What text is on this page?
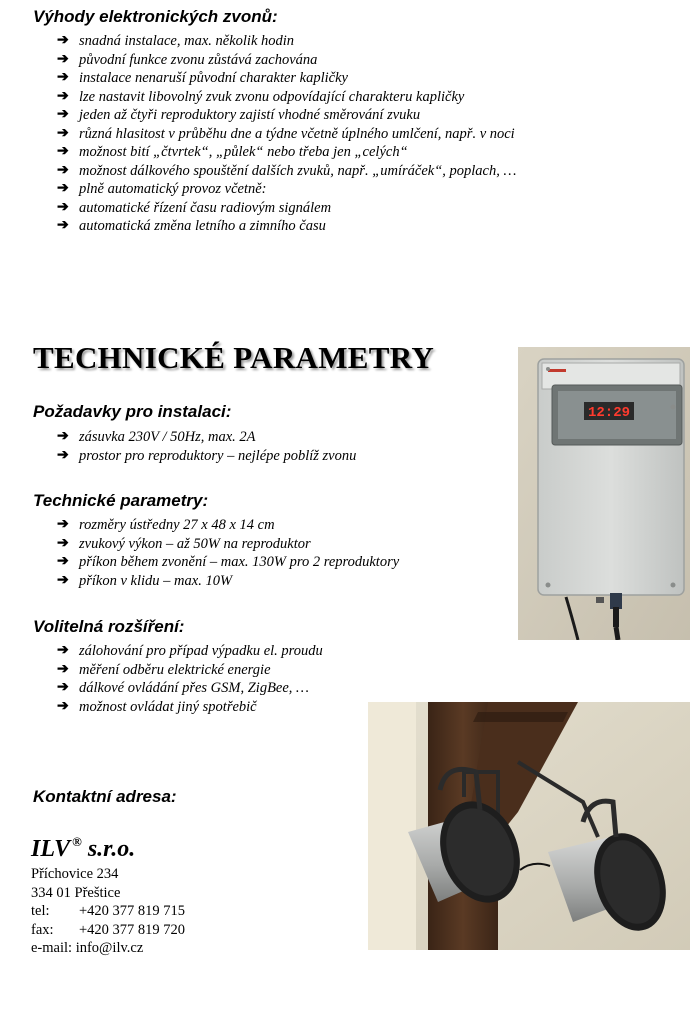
Výhody elektronických zvonů:
➔ snadná instalace, max. několik hodin
➔ původní funkce zvonu zůstává zachována
➔ instalace nenaruší původní charakter kapličky
➔ lze nastavit libovolný zvuk zvonu odpovídající charakteru kapličky
➔ jeden až čtyři reproduktory zajistí vhodné směrování zvuku
➔ různá hlasitost v průběhu dne a týdne včetně úplného umlčení, např. v noci
➔ možnost bití „čtvrtek“, „půlek“ nebo třeba jen „celých“
➔ možnost dálkového spouštění dalších zvuků, např. „umíráček“, poplach, …
➔ plně automatický provoz včetně:
➔ automatické řízení času radiovým signálem
➔ automatická změna letního a zimního času
TECHNICKÉ PARAMETRY
Požadavky pro instalaci:
➔ zásuvka 230V / 50Hz, max. 2A
➔ prostor pro reproduktory – nejlépe poblíž zvonu
Technické parametry:
➔ rozměry ústředny 27 x 48 x 14 cm
➔ zvukový výkon – až 50W na reproduktor
➔ příkon během zvonění – max. 130W pro 2 reproduktory
➔ příkon v klidu – max. 10W
Volitelná rozšíření:
➔ zálohování pro případ výpadku el. proudu
➔ měření odběru elektrické energie
➔ dálkové ovládání přes GSM, ZigBee, …
➔ možnost ovládat jiný spotřebič
Kontaktní adresa:
ILV ® s.r.o.
Příchovice 234
334 01 Přeštice
tel: +420 377 819 715
fax: +420 377 819 720
e-mail: info@ilv.cz
12:29
